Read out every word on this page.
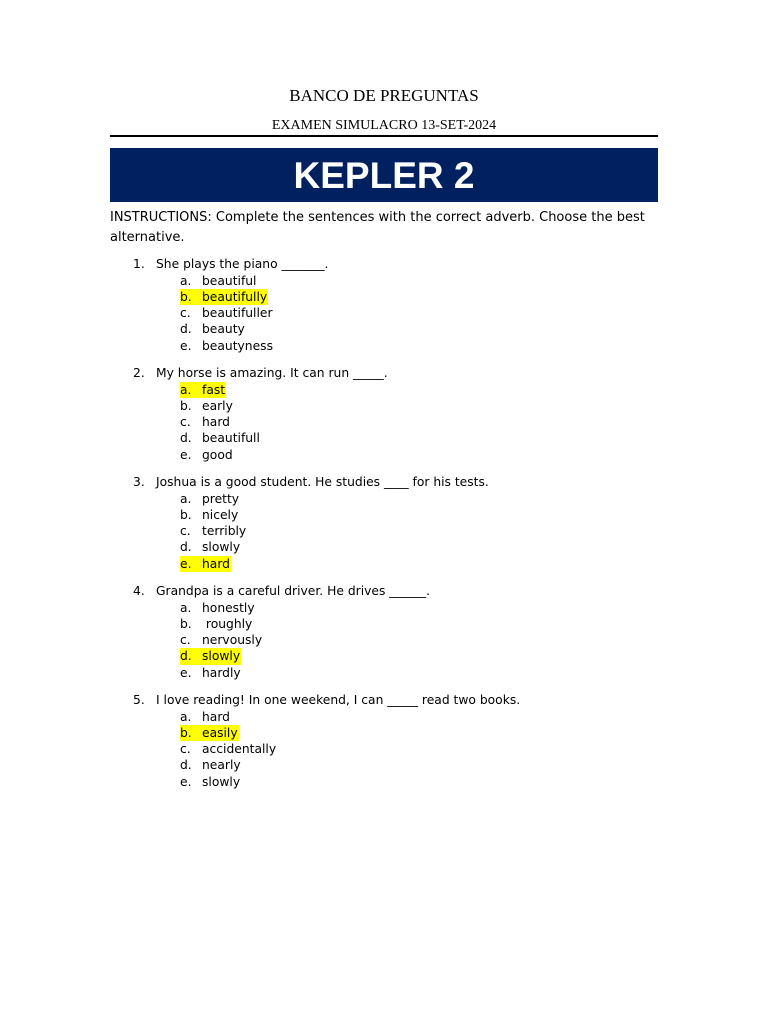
BANCO DE PREGUNTAS
EXAMEN SIMULACRO 13-SET-2024
KEPLER 2
INSTRUCTIONS: Complete the sentences with the correct adverb. Choose the best alternative.
1. She plays the piano _______.
a. beautiful
b. beautifully
c. beautifuller
d. beauty
e. beautyness
2. My horse is amazing. It can run _____.
a. fast
b. early
c. hard
d. beautifull
e. good
3. Joshua is a good student. He studies ____ for his tests.
a. pretty
b. nicely
c. terribly
d. slowly
e. hard
4. Grandpa is a careful driver. He drives ______.
a. honestly
b. roughly
c. nervously
d. slowly
e. hardly
5. I love reading! In one weekend, I can _____ read two books.
a. hard
b. easily
c. accidentally
d. nearly
e. slowly
